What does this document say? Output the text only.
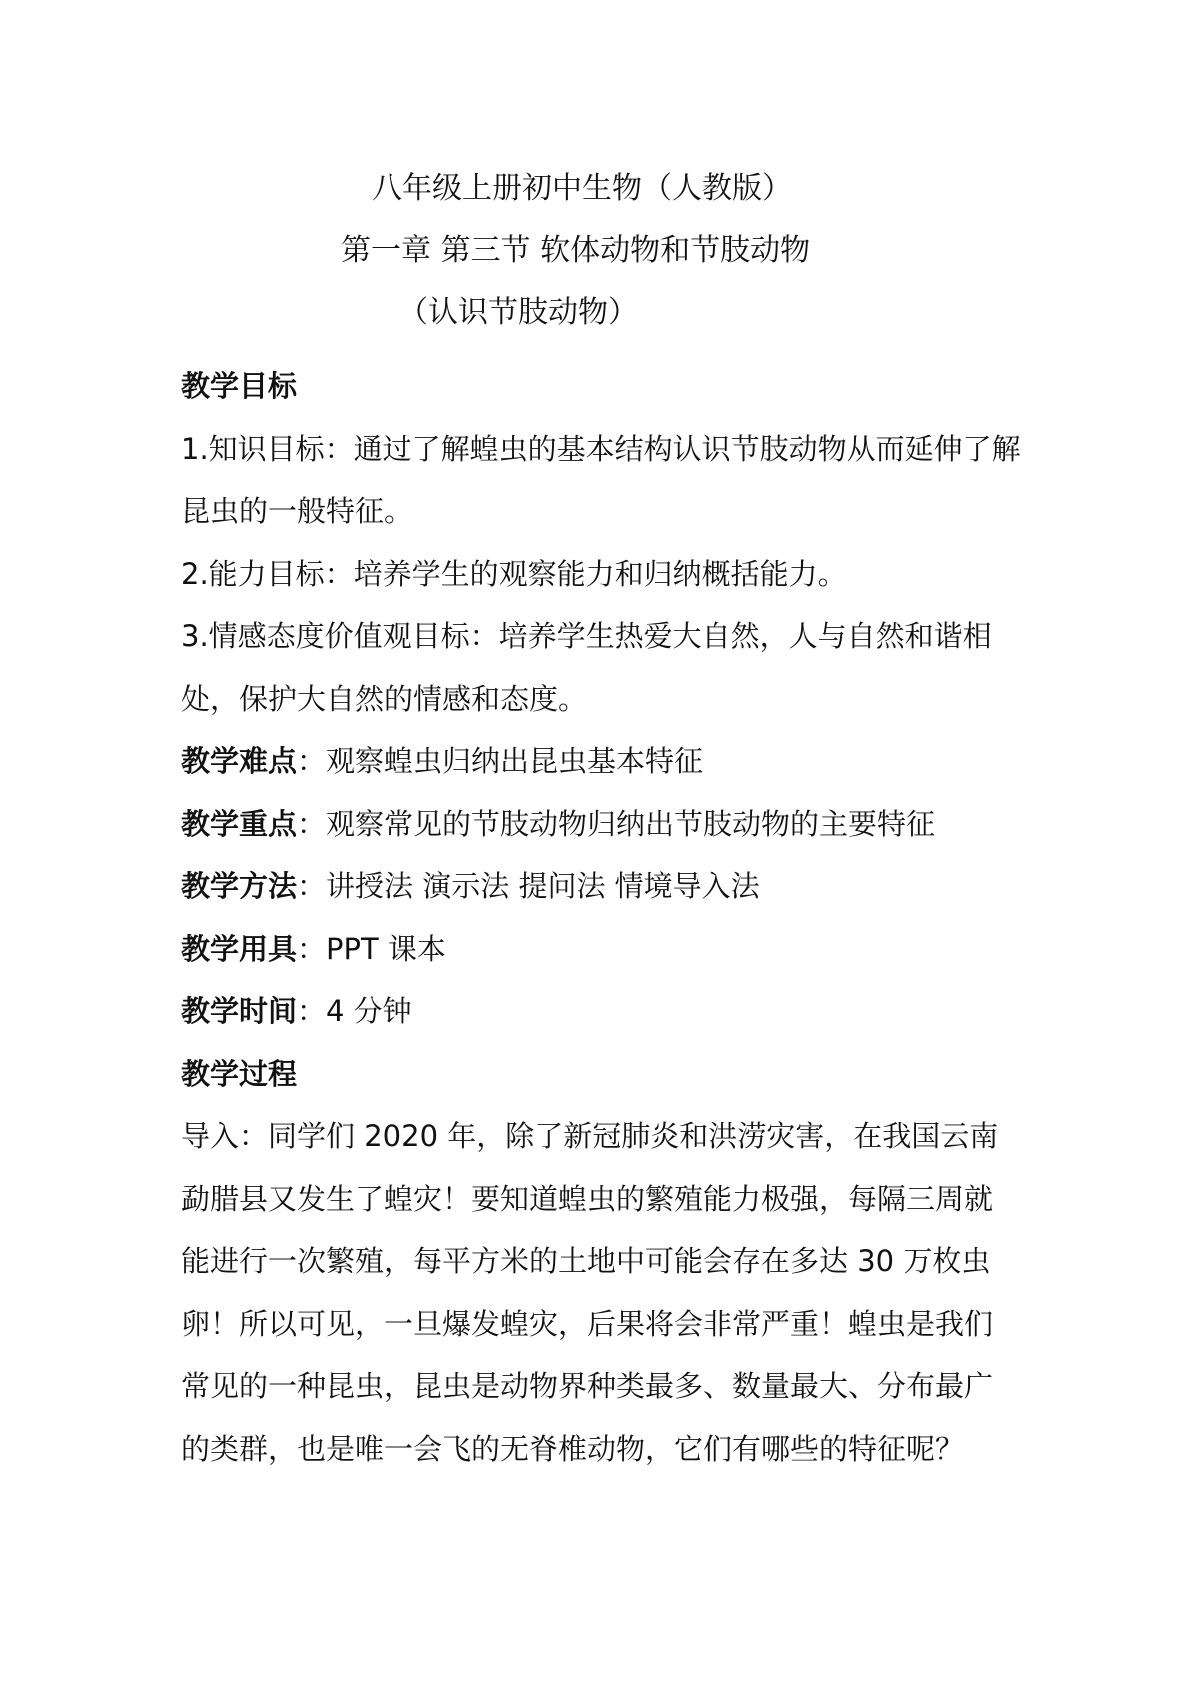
八年级上册初中生物（人教版）
第一章 第三节 软体动物和节肢动物
（认识节肢动物）

教学目标

1.知识目标：通过了解蝗虫的基本结构认识节肢动物从而延伸了解昆虫的一般特征。

2.能力目标：培养学生的观察能力和归纳概括能力。

3.情感态度价值观目标：培养学生热爱大自然，人与自然和谐相处，保护大自然的情感和态度。

教学难点：观察蝗虫归纳出昆虫基本特征

教学重点：观察常见的节肢动物归纳出节肢动物的主要特征

教学方法：讲授法 演示法 提问法 情境导入法

教学用具：PPT 课本

教学时间：4 分钟

教学过程

导入：同学们 2020 年，除了新冠肺炎和洪涝灾害，在我国云南勐腊县又发生了蝗灾！要知道蝗虫的繁殖能力极强，每隔三周就能进行一次繁殖，每平方米的土地中可能会存在多达 30 万枚虫卵！所以可见，一旦爆发蝗灾，后果将会非常严重！蝗虫是我们常见的一种昆虫，昆虫是动物界种类最多、数量最大、分布最广的类群，也是唯一会飞的无脊椎动物，它们有哪些的特征呢？
